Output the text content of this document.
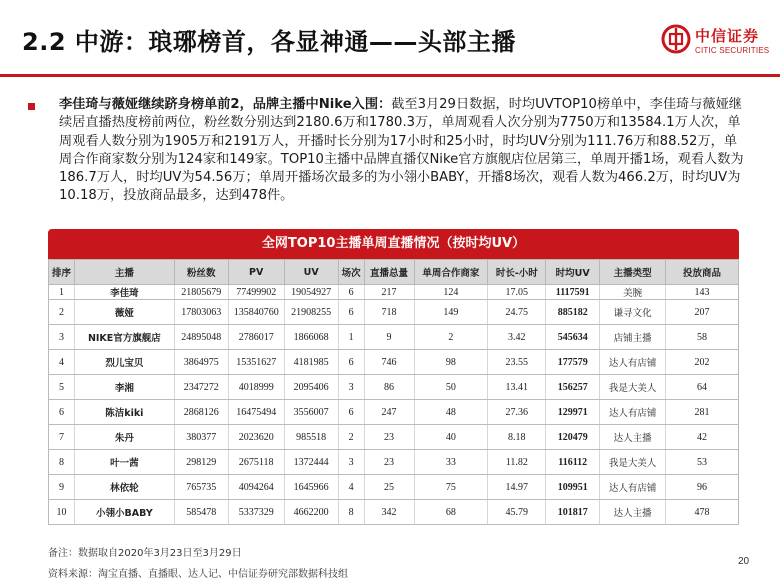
2.2 中游：琅琊榜首，各显神通——头部主播	中信证券
CITIC SECURITIES
李佳琦与薇娅继续跻身榜单前2，品牌主播中Nike入围：截至3月29日数据，时均UVTOP10榜单中，李佳琦与薇娅继续居直播热度榜前两位，粉丝数分别达到2180.6万和1780.3万，单周观看人次分别为7750万和13584.1万人次，单周观看人数分别为1905万和2191万人，开播时长分别为17小时和25小时，时均UV分别为111.76万和88.52万，单周合作商家数分别为124家和149家。TOP10主播中品牌直播仅Nike官方旗舰店位居第三，单周开播1场，观看人数为186.7万人，时均UV为54.56万；单周开播场次最多的为小翎小BABY，开播8场次，观看人数为466.2万，时均UV为10.18万，投放商品最多，达到478件。
全网TOP10主播单周直播情况（按时均UV）
排序	主播	粉丝数	PV	UV	场次	直播总量	单周合作商家	时长-小时	时均UV	主播类型	投放商品
1	李佳琦	21805679	77499902	19054927	6	217	124	17.05	1117591	美腕	143
2	薇娅	17803063	135840760	21908255	6	718	149	24.75	885182	谦寻文化	207
3	NIKE官方旗舰店	24895048	2786017	1866068	1	9	2	3.42	545634	店铺主播	58
4	烈儿宝贝	3864975	15351627	4181985	6	746	98	23.55	177579	达人有店铺	202
5	李湘	2347272	4018999	2095406	3	86	50	13.41	156257	我是大美人	64
6	陈洁kiki	2868126	16475494	3556007	6	247	48	27.36	129971	达人有店铺	281
7	朱丹	380377	2023620	985518	2	23	40	8.18	120479	达人主播	42
8	叶一茜	298129	2675118	1372444	3	23	33	11.82	116112	我是大美人	53
9	林依轮	765735	4094264	1645966	4	25	75	14.97	109951	达人有店铺	96
10	小翎小BABY	585478	5337329	4662200	8	342	68	45.79	101817	达人主播	478
备注：数据取自2020年3月23日至3月29日
20
资料来源：淘宝直播、直播眼、达人记、中信证券研究部数据科技组
